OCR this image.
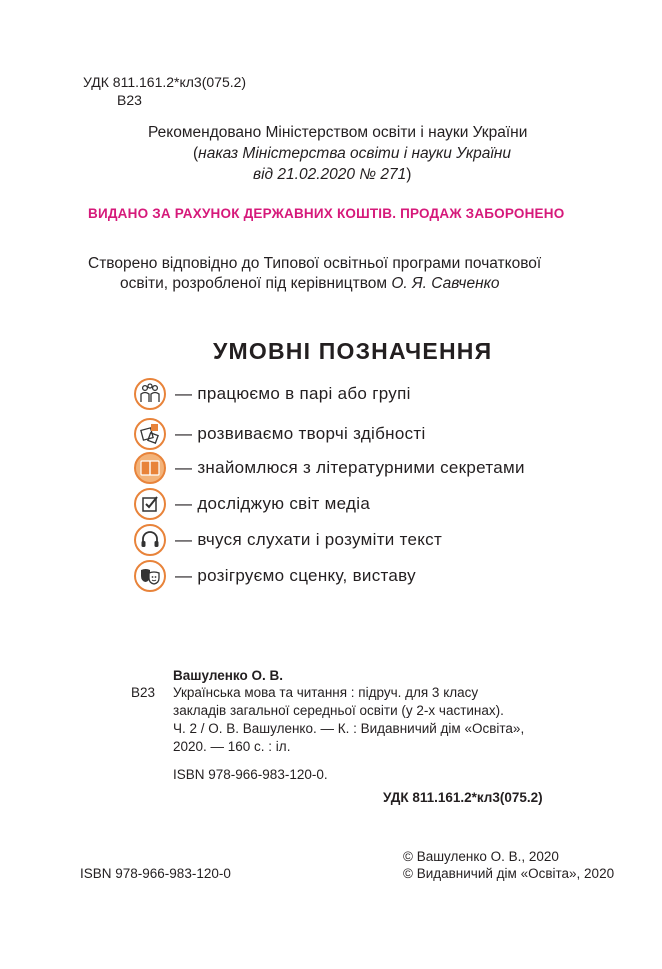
УДК 811.161.2*кл3(075.2)
В23
Рекомендовано Міністерством освіти і науки України
(наказ Міністерства освіти і науки України
від 21.02.2020 № 271)
ВИДАНО ЗА РАХУНОК ДЕРЖАВНИХ КОШТІВ. ПРОДАЖ ЗАБОРОНЕНО
Створено відповідно до Типової освітньої програми початкової
освіти, розробленої під керівництвом О. Я. Савченко
УМОВНІ ПОЗНАЧЕННЯ
— працюємо в парі або групі
— розвиваємо творчі здібності
— знайомлюся з літературними секретами
— досліджую світ медіа
— вчуся слухати і розуміти текст
— розігруємо сценку, виставу
Вашуленко О. В.
В23 Українська мова та читання : підруч. для 3 класу
закладів загальної середньої освіти (у 2-х частинах).
Ч. 2 / О. В. Вашуленко. — К. : Видавничий дім «Освіта»,
2020. — 160 с. : іл.
ISBN 978-966-983-120-0.
УДК 811.161.2*кл3(075.2)
© Вашуленко О. В., 2020
ISBN 978-966-983-120-0	© Видавничий дім «Освіта», 2020
